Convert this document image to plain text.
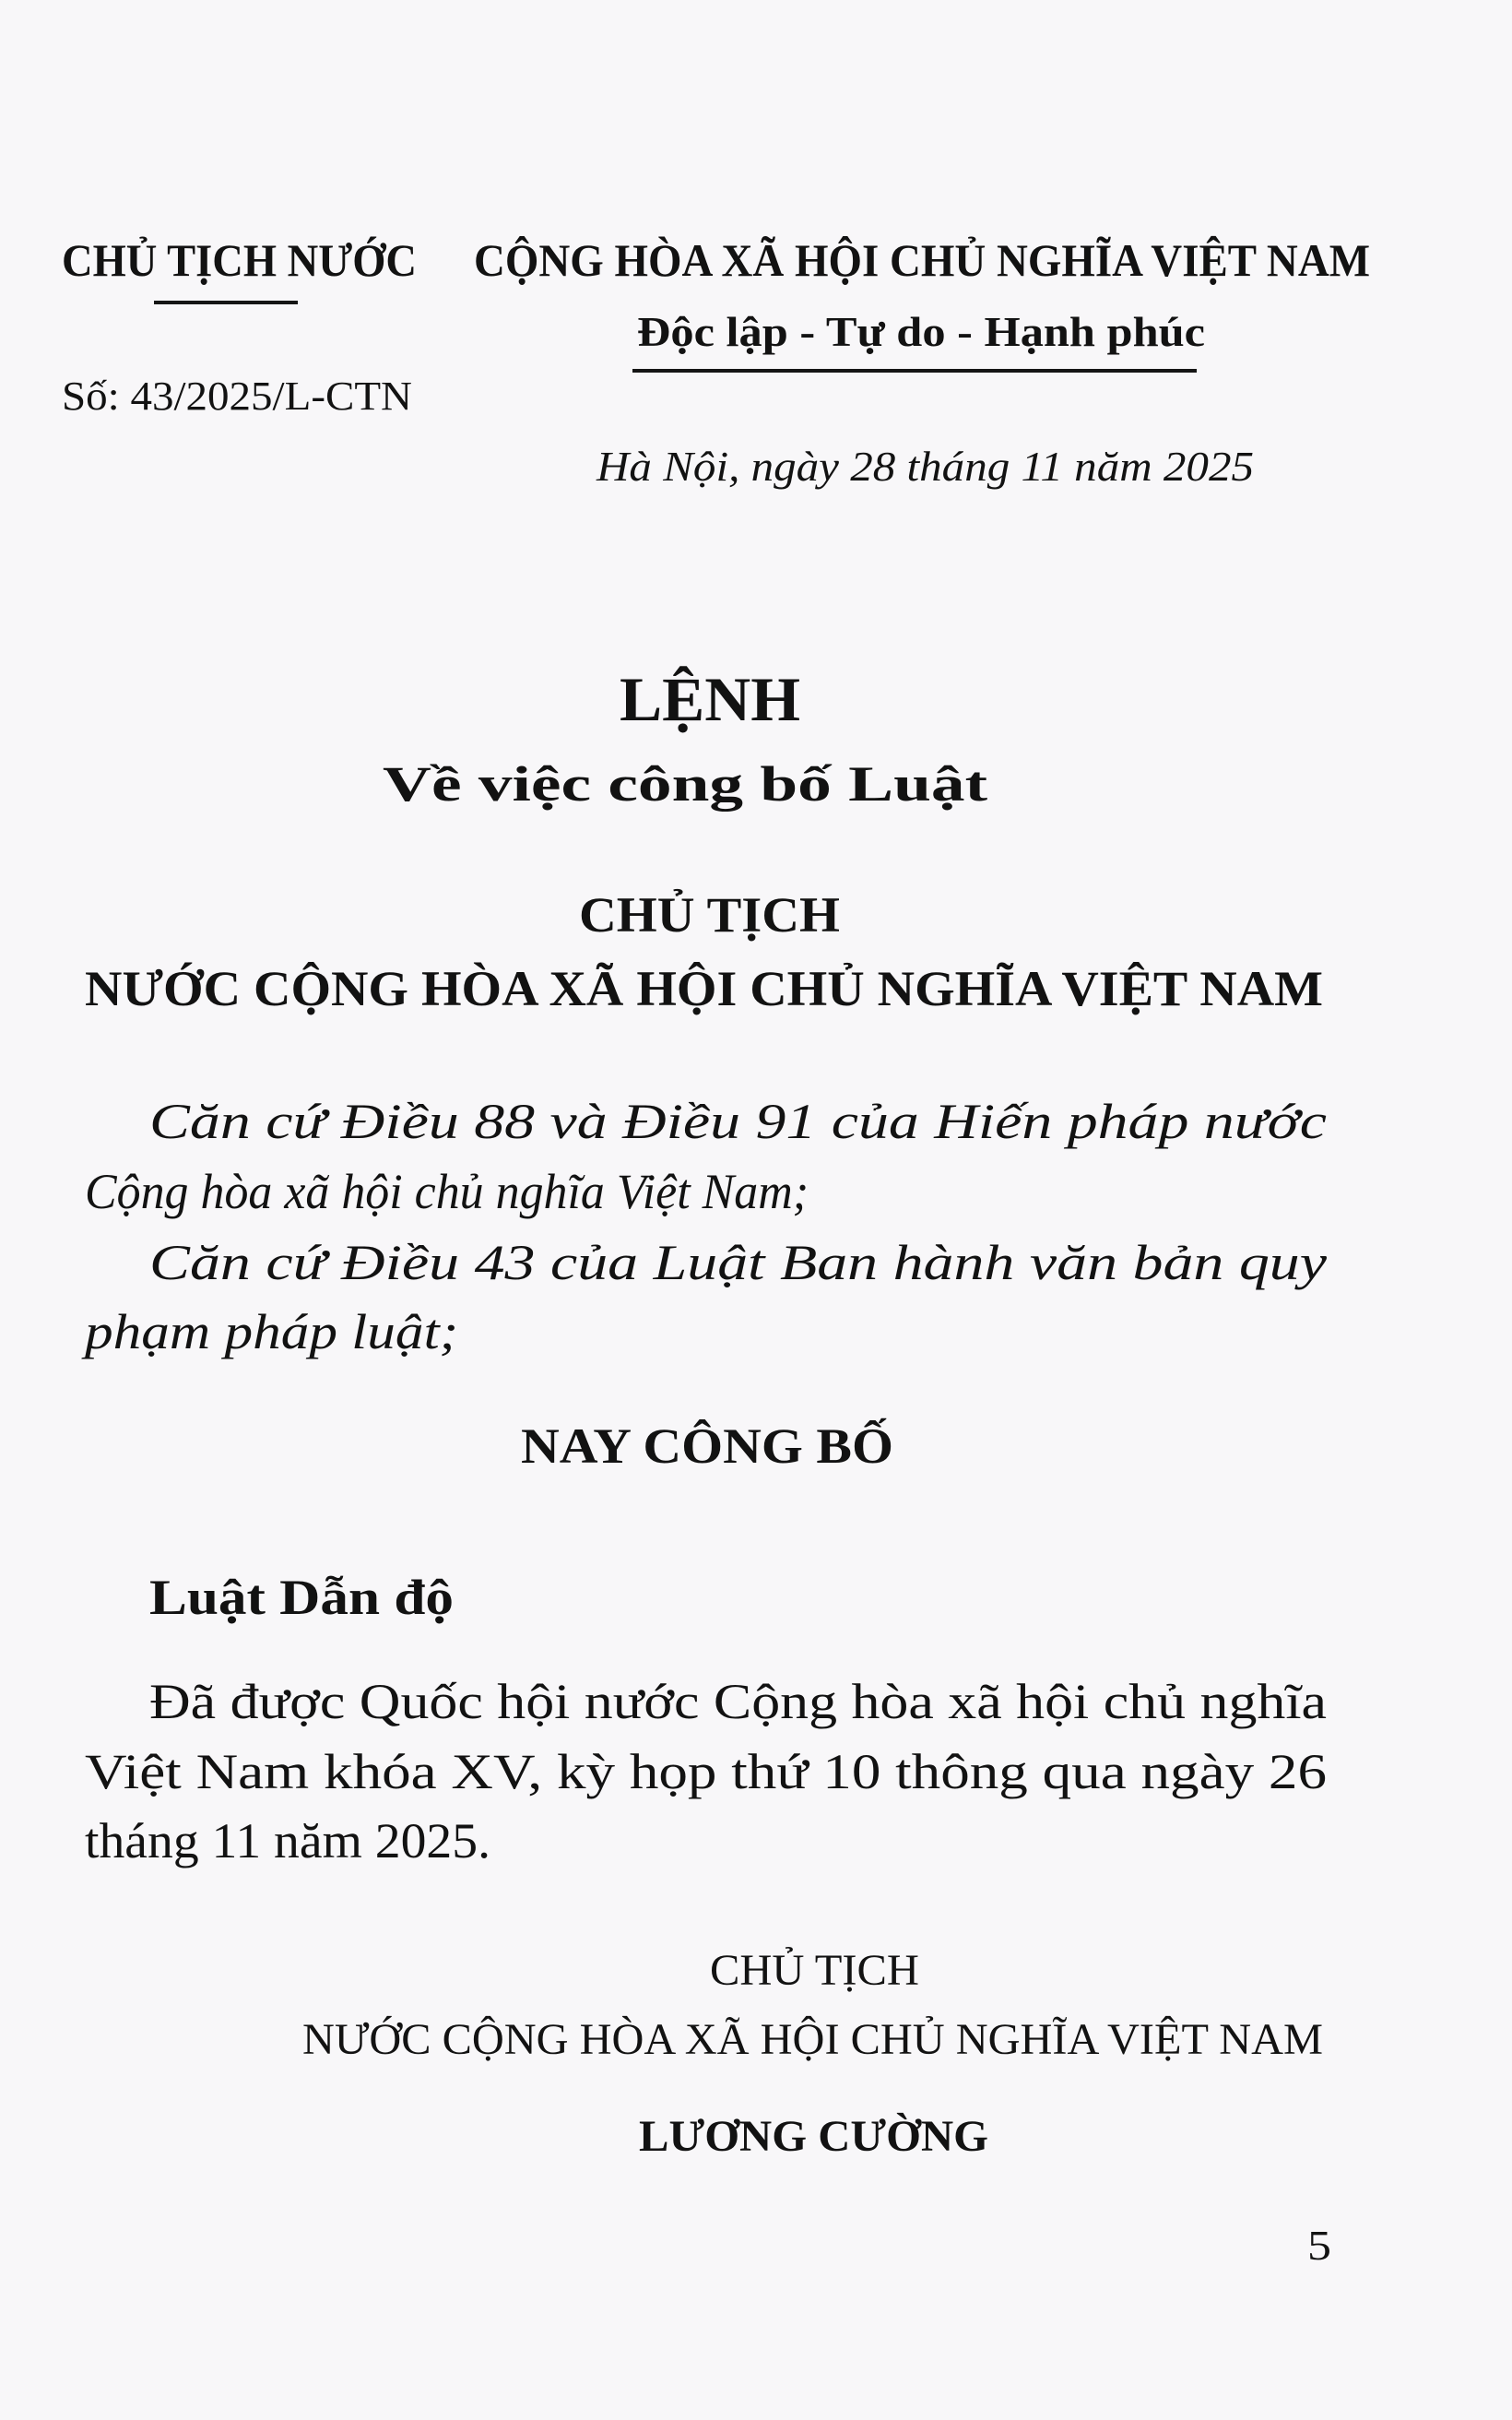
CHỦ TỊCH NƯỚC CỘNG HÒA XÃ HỘI CHỦ NGHĨA VIỆT NAM
Độc lập - Tự do - Hạnh phúc
Số: 43/2025/L-CTN
Hà Nội, ngày 28 tháng 11 năm 2025
LỆNH
Về việc công bố Luật
CHỦ TỊCH
NƯỚC CỘNG HÒA XÃ HỘI CHỦ NGHĨA VIỆT NAM
Căn cứ Điều 88 và Điều 91 của Hiến pháp nước
Cộng hòa xã hội chủ nghĩa Việt Nam;
Căn cứ Điều 43 của Luật Ban hành văn bản quy
phạm pháp luật;
NAY CÔNG BỐ
Luật Dẫn độ
Đã được Quốc hội nước Cộng hòa xã hội chủ nghĩa
Việt Nam khóa XV, kỳ họp thứ 10 thông qua ngày 26
tháng 11 năm 2025.
CHỦ TỊCH
NƯỚC CỘNG HÒA XÃ HỘI CHỦ NGHĨA VIỆT NAM
LƯƠNG CƯỜNG
5
